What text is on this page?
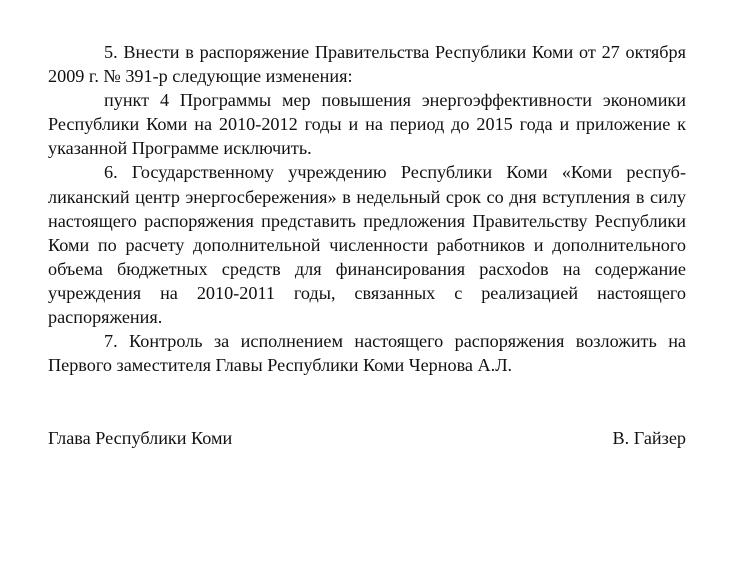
5. Внести в распоряжение Правительства Республики Коми от 27 октября 2009 г. № 391-р следующие изменения:

пункт 4 Программы мер повышения энергоэффективности экономики Республики Коми на 2010-2012 годы и на период до 2015 года и приложение к указанной Программе исключить.

6. Государственному учреждению Республики Коми «Коми республиканский центр энергосбережения» в недельный срок со дня вступления в силу настоящего распоряжения представить предложения Правительству Республики Коми по расчету дополнительной численности работников и дополнительного объема бюджетных средств для финансирования расхоdов на содержание учреждения на 2010-2011 годы, связанных с реализацией настоящего распоряжения.

7. Контроль за исполнением настоящего распоряжения возложить на Первого заместителя Главы Республики Коми Чернова А.Л.

Глава Республики Коми	В. Гайзер
